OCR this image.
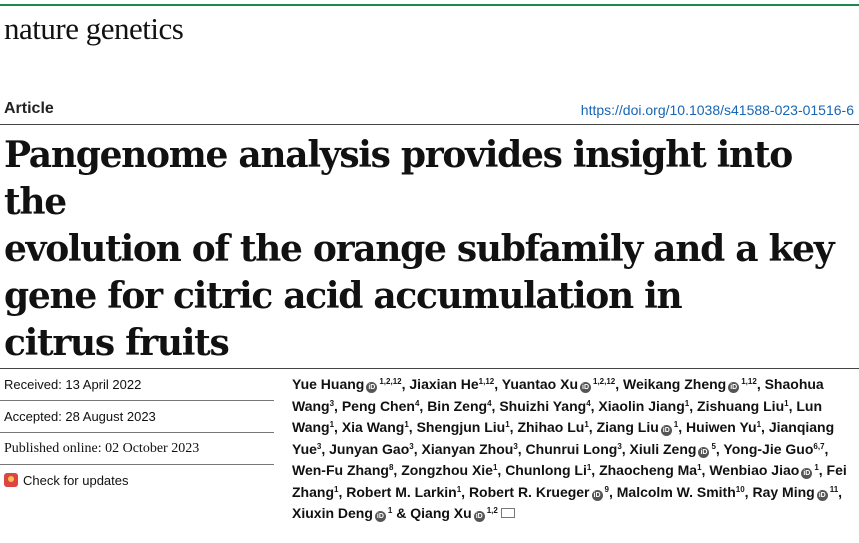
nature genetics
Article	https://doi.org/10.1038/s41588-023-01516-6
Pangenome analysis provides insight into the
evolution of the orange subfamily and a key
gene for citric acid accumulation in
citrus fruits
Received: 13 April 2022
Accepted: 28 August 2023
Published online: 02 October 2023
Check for updates

Yue Huang iD$^{1,2,12}$, Jiaxian He$^{1,12}$, Yuantao Xu iD$^{1,2,12}$, Weikang Zheng iD$^{1,12}$, Shaohua Wang$^3$, Peng Chen$^4$, Bin Zeng$^4$, Shuizhi Yang$^4$, Xiaolin Jiang$^1$, Zishuang Liu$^1$, Lun Wang$^1$, Xia Wang$^1$, Shengjun Liu$^1$, Zhihao Lu$^1$, Ziang Liu $iD^1$, Huiwen Yu$^1$, Jianqiang Yue$^3$, Junyan Gao$^3$, Xianyan Zhou$^3$, Chunrui Long$^3$, Xiuli Zeng $iD^5$, Yong-Jie Guo$^{6,7}$, Wen-Fu Zhang$^8$, Zongzhou Xie$^1$, Chunlong Li$^1$, Zhaocheng Ma$^1$, Wenbiao Jiao $iD^1$, Fei Zhang$^1$, Robert M. Larkin$^1$, Robert R. Krueger $iD^9$, Malcolm W. Smith$^{10}$, Ray Ming $iD^{11}$, Xiuxin Deng $iD^1$ & Qiang Xu iD$^{1,2}$
